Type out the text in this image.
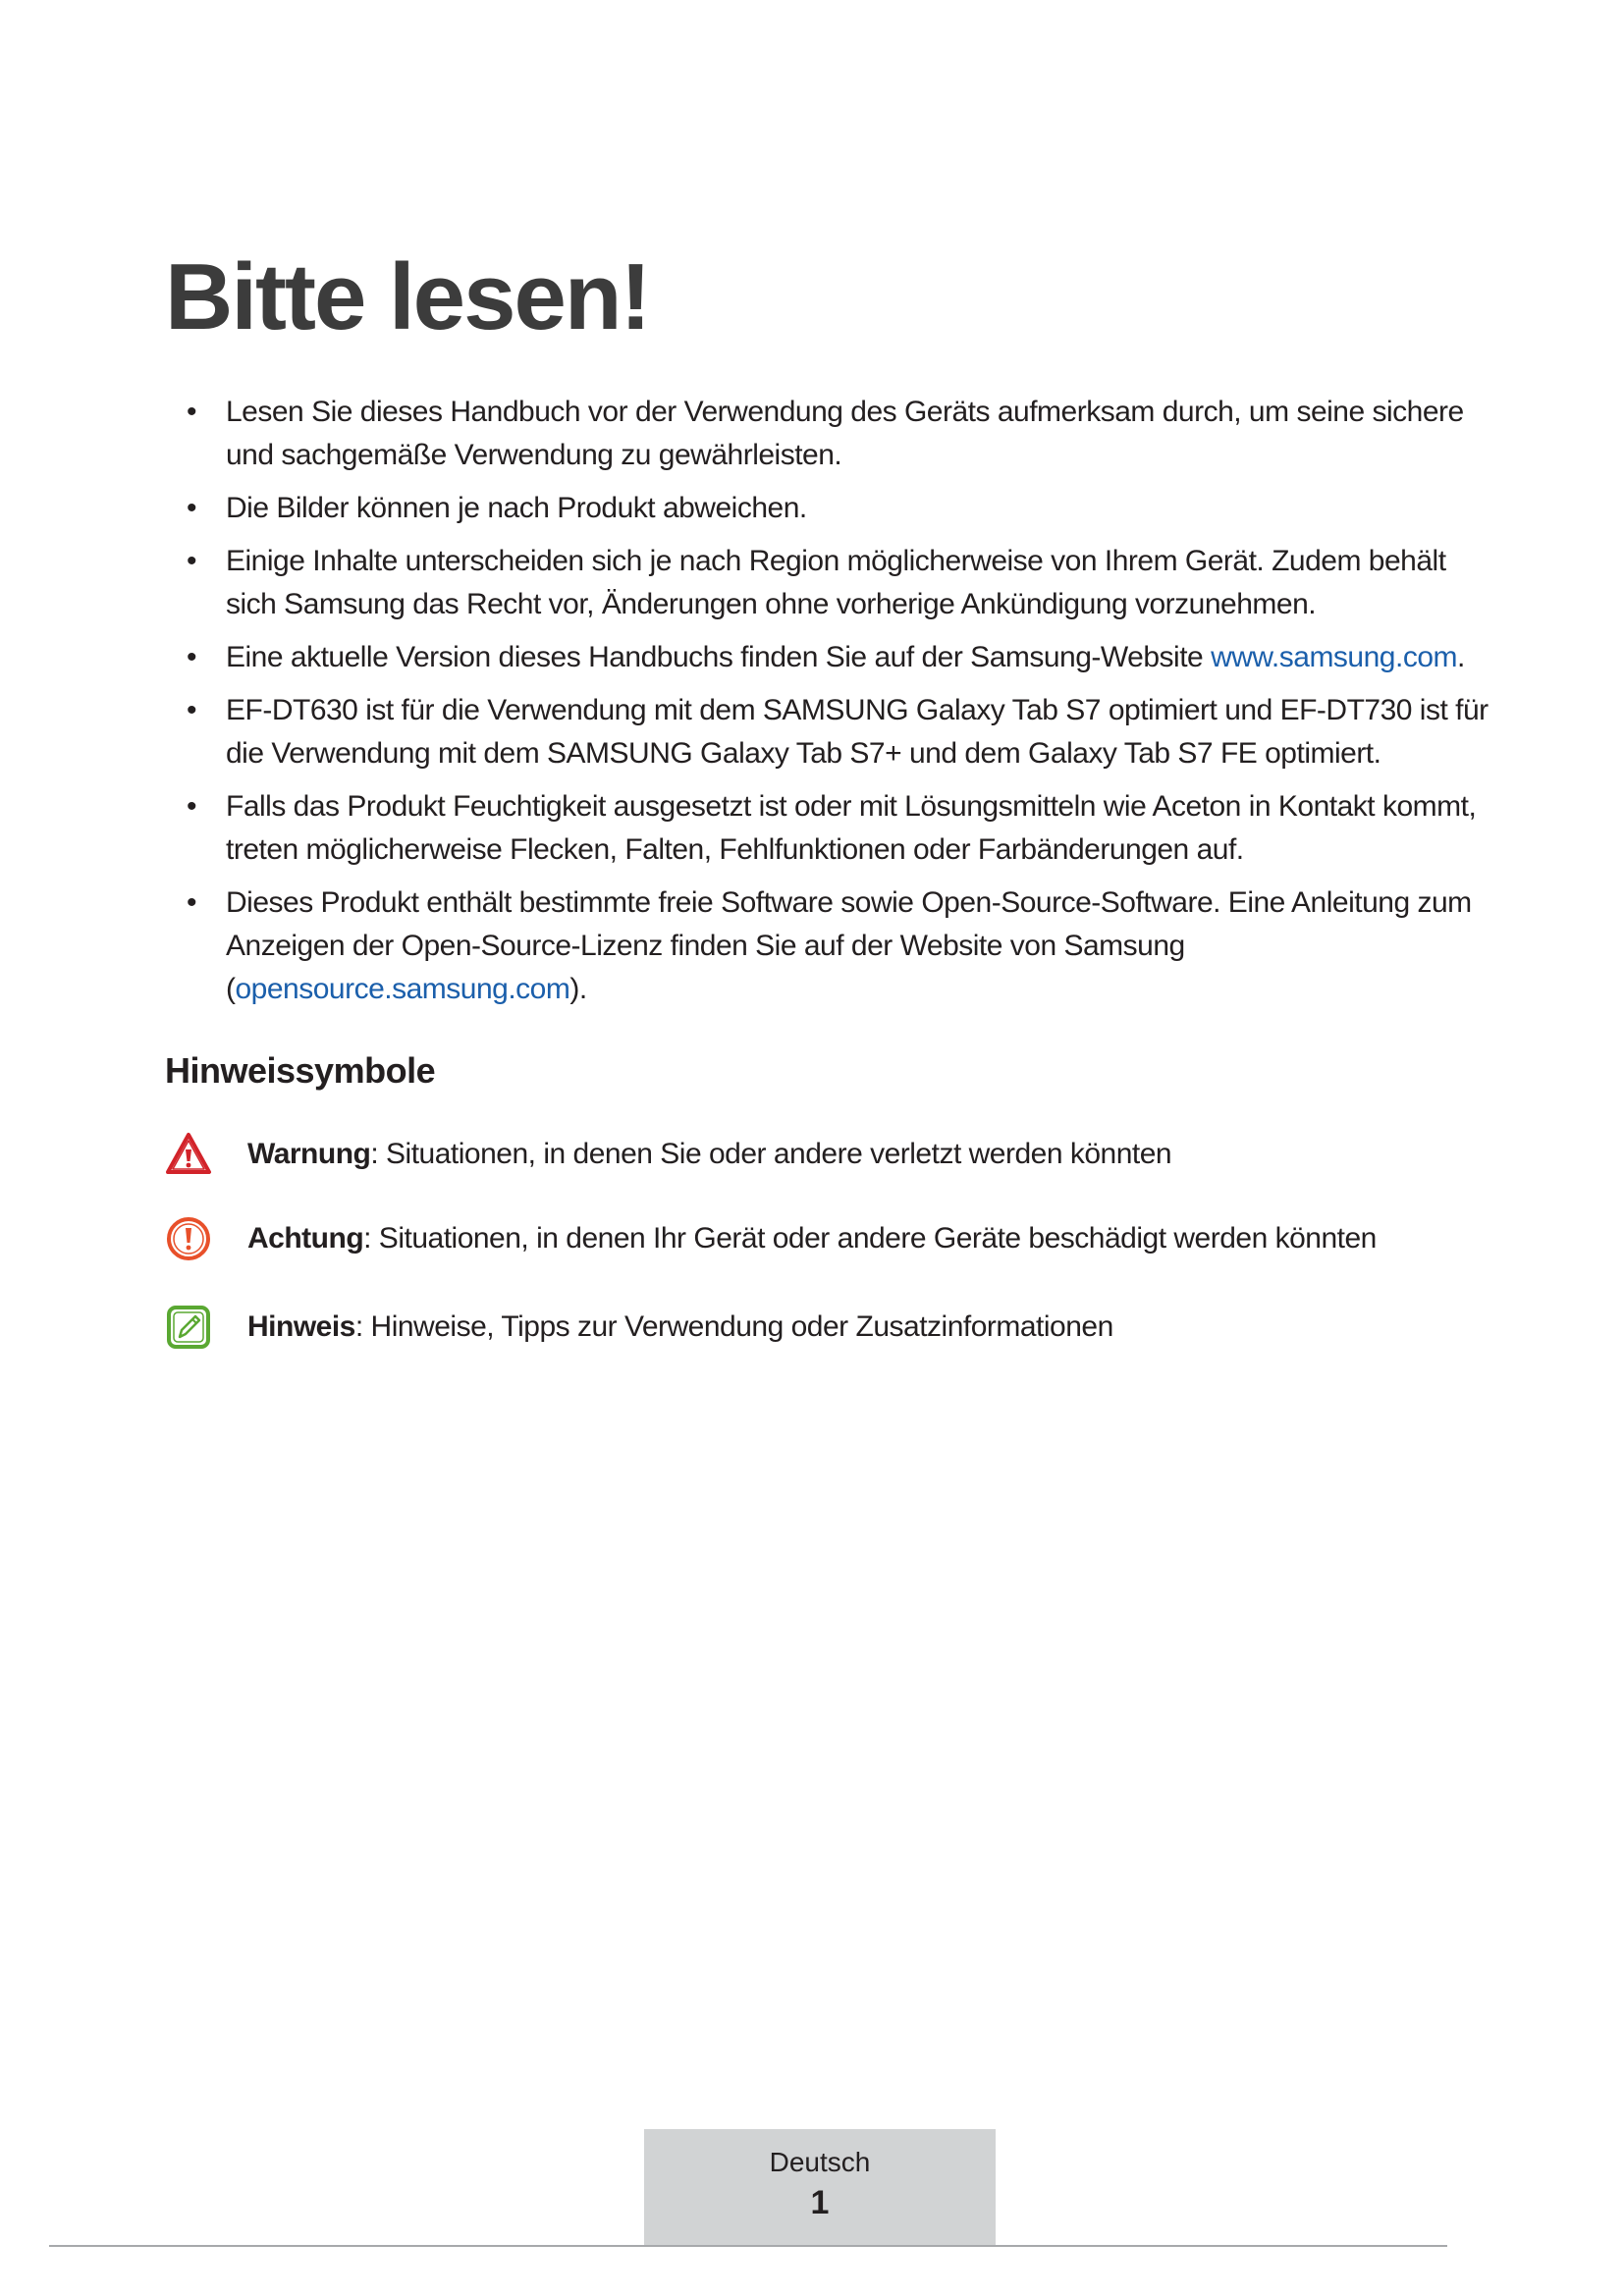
Bitte lesen!
• Lesen Sie dieses Handbuch vor der Verwendung des Geräts aufmerksam durch, um seine sichere und sachgemäße Verwendung zu gewährleisten.
• Die Bilder können je nach Produkt abweichen.
• Einige Inhalte unterscheiden sich je nach Region möglicherweise von Ihrem Gerät. Zudem behält sich Samsung das Recht vor, Änderungen ohne vorherige Ankündigung vorzunehmen.
• Eine aktuelle Version dieses Handbuchs finden Sie auf der Samsung-Website www.samsung.com.
• EF-DT630 ist für die Verwendung mit dem SAMSUNG Galaxy Tab S7 optimiert und EF-DT730 ist für die Verwendung mit dem SAMSUNG Galaxy Tab S7+ und dem Galaxy Tab S7 FE optimiert.
• Falls das Produkt Feuchtigkeit ausgesetzt ist oder mit Lösungsmitteln wie Aceton in Kontakt kommt, treten möglicherweise Flecken, Falten, Fehlfunktionen oder Farbänderungen auf.
• Dieses Produkt enthält bestimmte freie Software sowie Open-Source-Software. Eine Anleitung zum Anzeigen der Open-Source-Lizenz finden Sie auf der Website von Samsung (opensource.samsung.com).
Hinweissymbole
Warnung: Situationen, in denen Sie oder andere verletzt werden könnten
Achtung: Situationen, in denen Ihr Gerät oder andere Geräte beschädigt werden könnten
Hinweis: Hinweise, Tipps zur Verwendung oder Zusatzinformationen
Deutsch
1
